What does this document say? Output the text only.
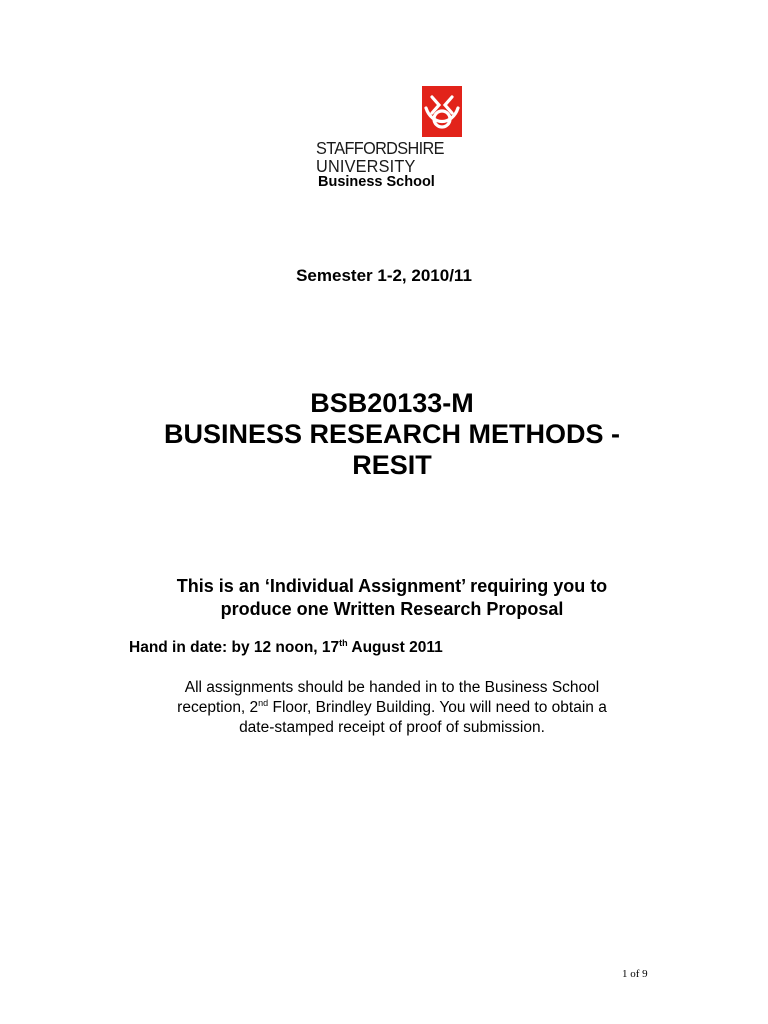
STAFFORDSHIRE
UNIVERSITY
Business School
Semester 1-2, 2010/11
BSB20133-M
BUSINESS RESEARCH METHODS -
RESIT
This is an ‘Individual Assignment’ requiring you to
produce one Written Research Proposal
Hand in date: by 12 noon, 17th August 2011
All assignments should be handed in to the Business School
reception, 2nd Floor, Brindley Building. You will need to obtain a
date-stamped receipt of proof of submission.
1 of 9
